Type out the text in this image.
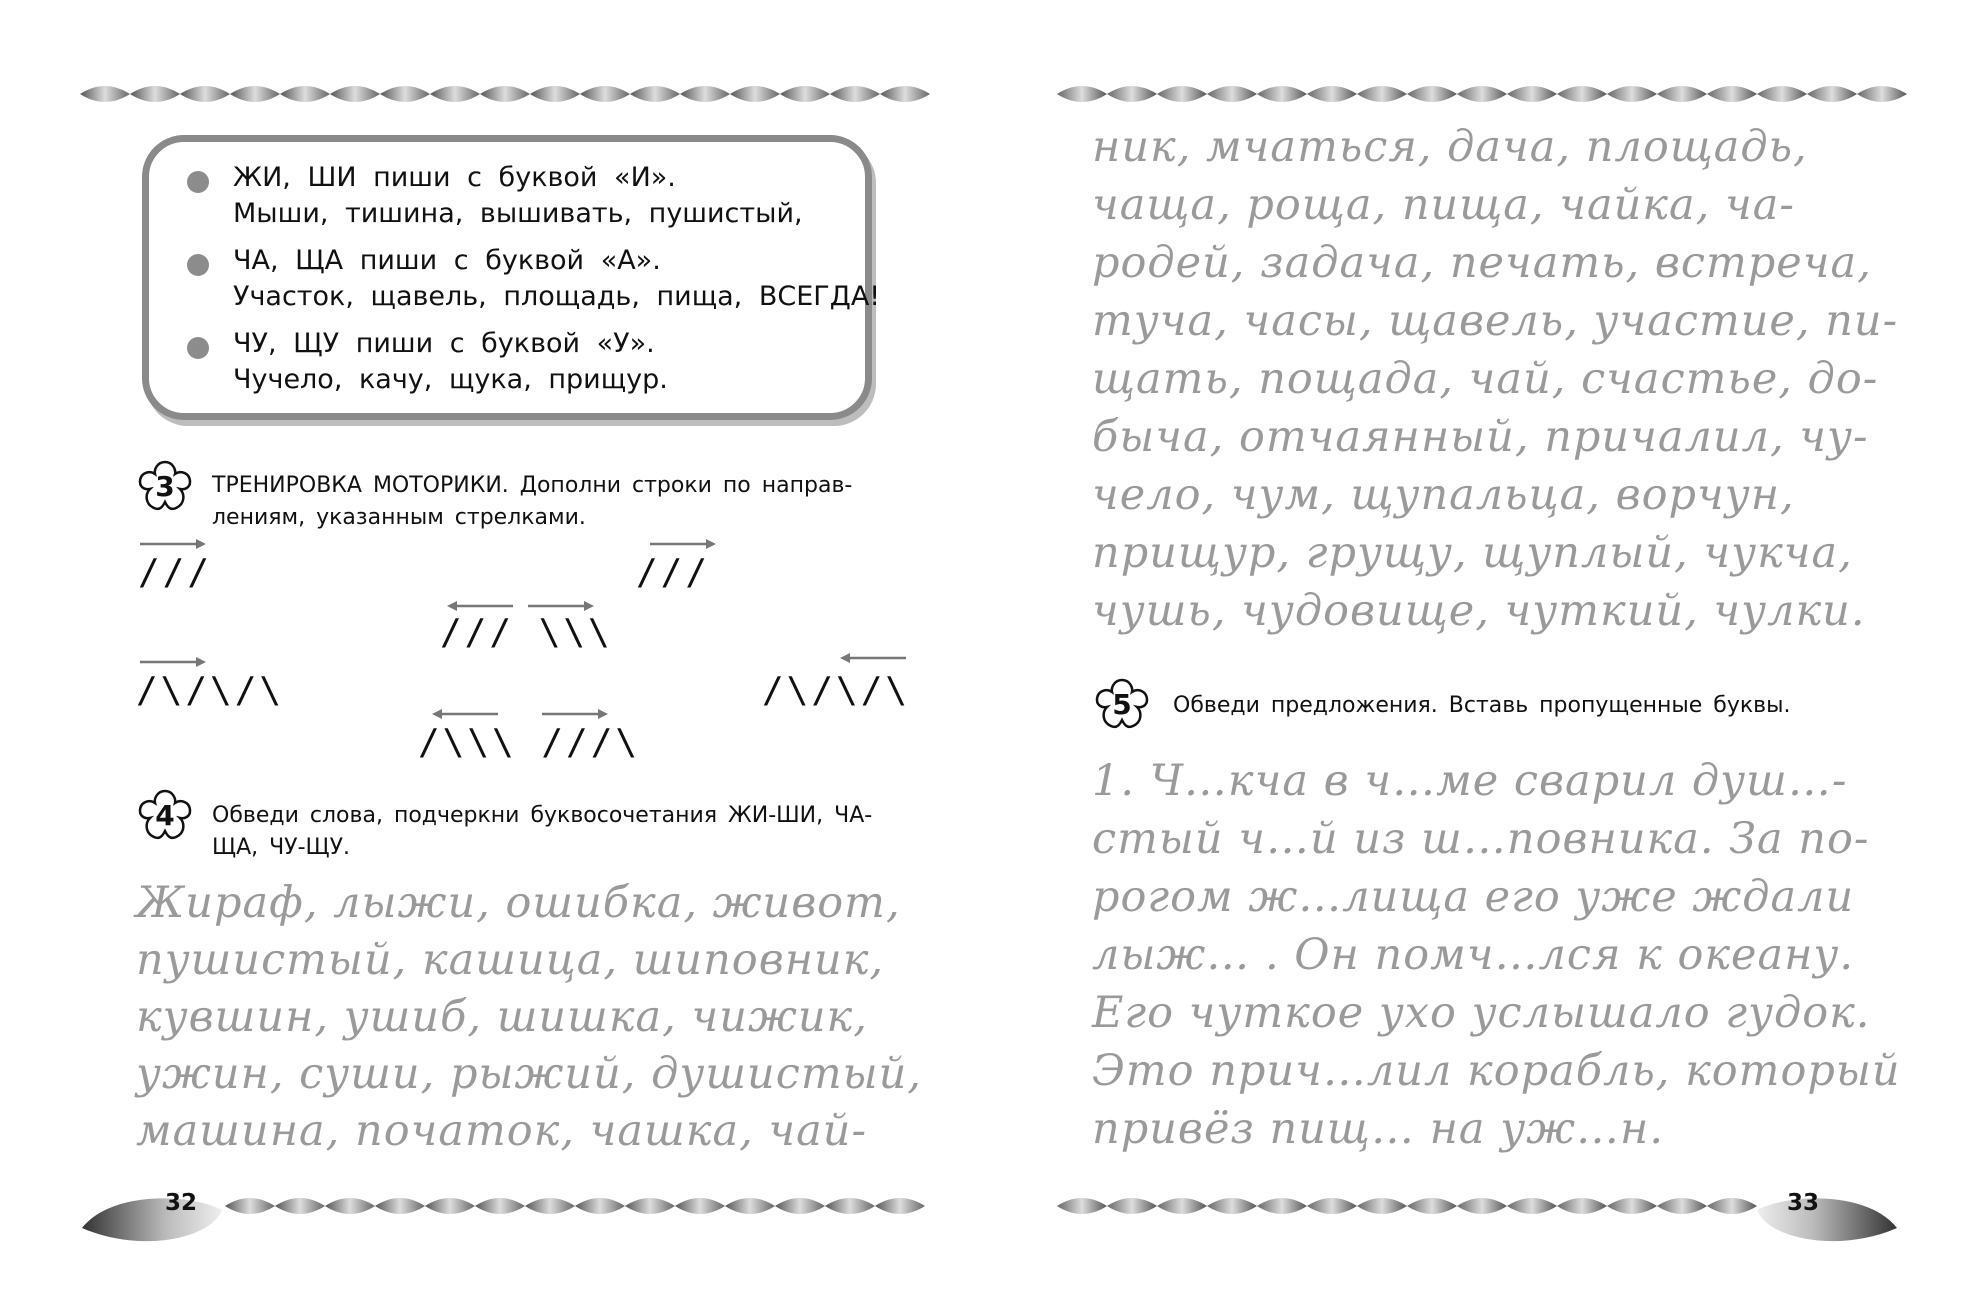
ЖИ, ШИ пиши с буквой «И».
Мыши, тишина, вышивать, пушистый,
ЧА, ЩА пиши с буквой «А».
Участок, щавель, площадь, пища, ВСЕГДА!
ЧУ, ЩУ пиши с буквой «У».
Чучело, качу, щука, прищур.
3	ТРЕНИРОВКА МОТОРИКИ. Дополни строки по направ-
лениям, указанным стрелками.
///	///
/// \\\
/\/\/\	/\/\/\
/\\\ ///\
4	Обведи слова, подчеркни буквосочетания ЖИ-ШИ, ЧА-
ЩА, ЧУ-ЩУ.
Жираф, лыжи, ошибка, живот,
пушистый, кашица, шиповник,
кувшин, ушиб, шишка, чижик,
ужин, суши, рыжий, душистый,
машина, початок, чашка, чай-
32
ник, мчаться, дача, площадь,
чаща, роща, пища, чайка, ча-
родей, задача, печать, встреча,
туча, часы, щавель, участие, пи-
щать, пощада, чай, счастье, до-
быча, отчаянный, причалил, чу-
чело, чум, щупальца, ворчун,
прищур, грущу, щуплый, чукча,
чушь, чудовище, чуткий, чулки.
5	Обведи предложения. Вставь пропущенные буквы.
1. Ч…кча в ч…ме сварил душ…-
стый ч…й из ш…повника. За по-
рогом ж…лища его уже ждали
лыж… . Он помч…лся к океану.
Его чуткое ухо услышало гудок.
Это прич…лил корабль, который
привёз пищ… на уж…н.
33
